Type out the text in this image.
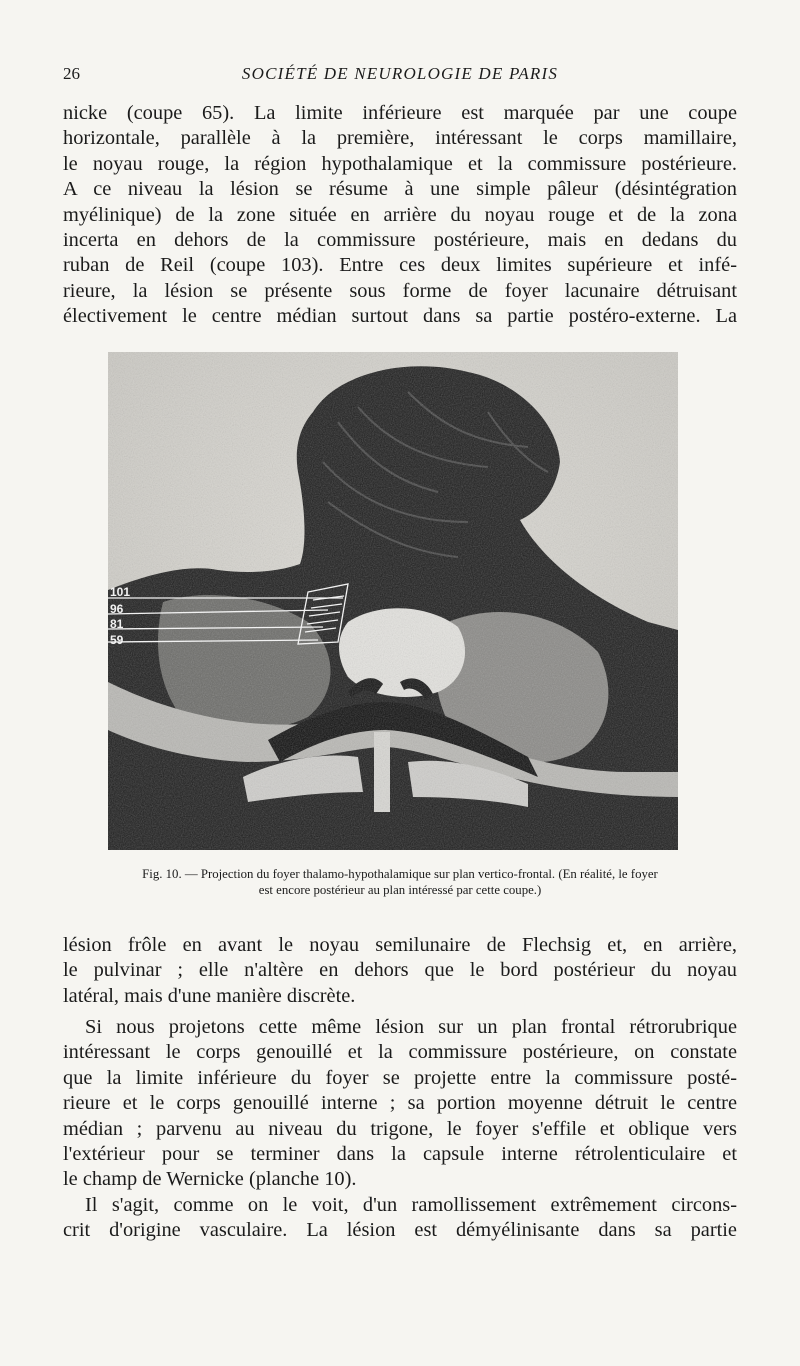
26	SOCIÉTÉ DE NEUROLOGIE DE PARIS

nicke (coupe 65). La limite inférieure est marquée par une coupe
horizontale, parallèle à la première, intéressant le corps mamillaire,
le noyau rouge, la région hypothalamique et la commissure postérieure.
A ce niveau la lésion se résume à une simple pâleur (désintégration
myélinique) de la zone située en arrière du noyau rouge et de la zona
incerta en dehors de la commissure postérieure, mais en dedans du
ruban de Reil (coupe 103). Entre ces deux limites supérieure et infé-
rieure, la lésion se présente sous forme de foyer lacunaire détruisant
électivement le centre médian surtout dans sa partie postéro-externe. La

101
96
81
59
Fig. 10. — Projection du foyer thalamo-hypothalamique sur plan vertico-frontal. (En réalité, le foyer
est encore postérieur au plan intéressé par cette coupe.)

lésion frôle en avant le noyau semilunaire de Flechsig et, en arrière,
le pulvinar ; elle n'altère en dehors que le bord postérieur du noyau
latéral, mais d'une manière discrète.

Si nous projetons cette même lésion sur un plan frontal rétrorubrique
intéressant le corps genouillé et la commissure postérieure, on constate
que la limite inférieure du foyer se projette entre la commissure posté-
rieure et le corps genouillé interne ; sa portion moyenne détruit le centre
médian ; parvenu au niveau du trigone, le foyer s'effile et oblique vers
l'extérieur pour se terminer dans la capsule interne rétrolenticulaire et
le champ de Wernicke (planche 10).

Il s'agit, comme on le voit, d'un ramollissement extrêmement circons-
crit d'origine vasculaire. La lésion est démyélinisante dans sa partie
